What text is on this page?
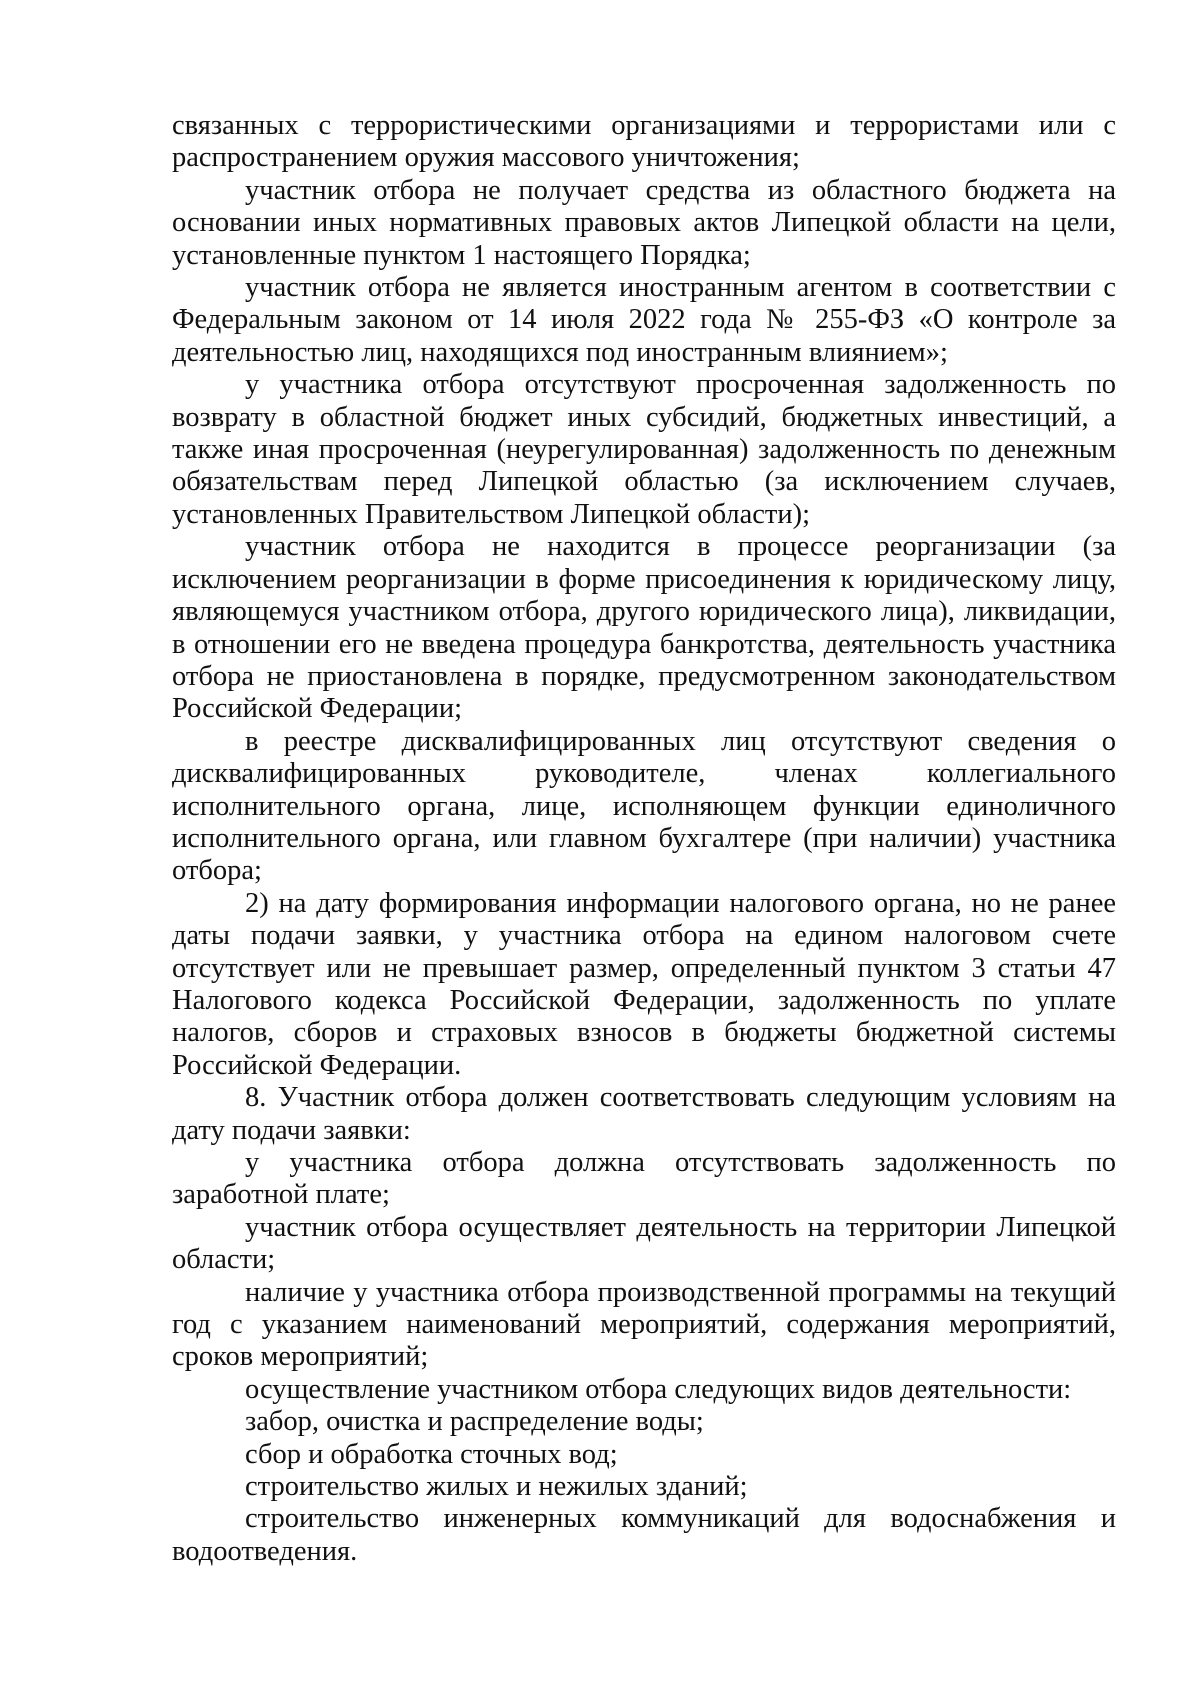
связанных с террористическими организациями и террористами или с распространением оружия массового уничтожения;

участник отбора не получает средства из областного бюджета на основании иных нормативных правовых актов Липецкой области на цели, установленные пунктом 1 настоящего Порядка;

участник отбора не является иностранным агентом в соответствии с Федеральным законом от 14 июля 2022 года № 255-ФЗ «О контроле за деятельностью лиц, находящихся под иностранным влиянием»;

у участника отбора отсутствуют просроченная задолженность по возврату в областной бюджет иных субсидий, бюджетных инвестиций, а также иная просроченная (неурегулированная) задолженность по денежным обязательствам перед Липецкой областью (за исключением случаев, установленных Правительством Липецкой области);

участник отбора не находится в процессе реорганизации (за исключением реорганизации в форме присоединения к юридическому лицу, являющемуся участником отбора, другого юридического лица), ликвидации, в отношении его не введена процедура банкротства, деятельность участника отбора не приостановлена в порядке, предусмотренном законодательством Российской Федерации;

в реестре дисквалифицированных лиц отсутствуют сведения о дисквалифицированных руководителе, членах коллегиального исполнительного органа, лице, исполняющем функции единоличного исполнительного органа, или главном бухгалтере (при наличии) участника отбора;

2) на дату формирования информации налогового органа, но не ранее даты подачи заявки, у участника отбора на едином налоговом счете отсутствует или не превышает размер, определенный пунктом 3 статьи 47 Налогового кодекса Российской Федерации, задолженность по уплате налогов, сборов и страховых взносов в бюджеты бюджетной системы Российской Федерации.

8. Участник отбора должен соответствовать следующим условиям на дату подачи заявки:

у участника отбора должна отсутствовать задолженность по заработной плате;

участник отбора осуществляет деятельность на территории Липецкой области;

наличие у участника отбора производственной программы на текущий год с указанием наименований мероприятий, содержания мероприятий, сроков мероприятий;

осуществление участником отбора следующих видов деятельности:

забор, очистка и распределение воды;

сбор и обработка сточных вод;

строительство жилых и нежилых зданий;

строительство инженерных коммуникаций для водоснабжения и водоотведения.
